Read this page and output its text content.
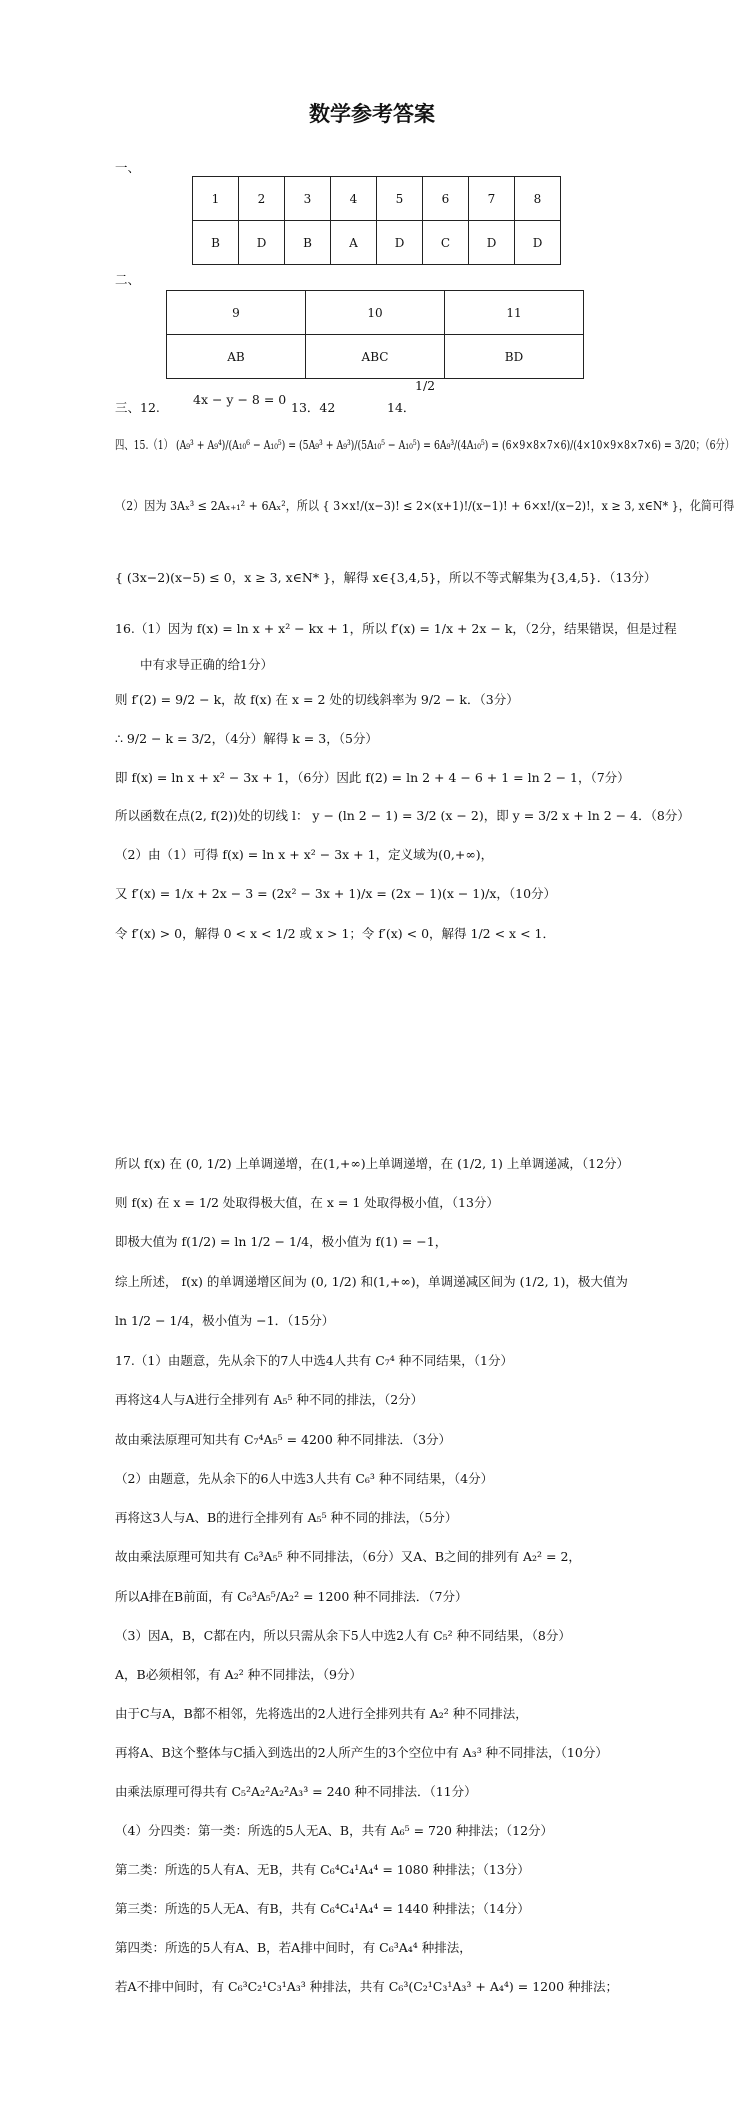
数学参考答案
一、
1	2	3	4	5	6	7	8
B	D	B	A	D	C	D	D
二、
9	10	11
AB	ABC	BD
三、12.
4x − y − 8 = 0
13．42	14．
1/2
四、15.（1） (A₉³ + A₉⁴)/(A₁₀⁶ − A₁₀⁵) = (5A₉³ + A₉³)/(5A₁₀⁵ − A₁₀⁵) = 6A₉³/(4A₁₀⁵) = (6×9×8×7×6)/(4×10×9×8×7×6) = 3/20；（6分）
（2）因为 3Aₓ³ ≤ 2Aₓ₊₁² + 6Aₓ²，所以 { 3×x!/(x−3)! ≤ 2×(x+1)!/(x−1)! + 6×x!/(x−2)!，x ≥ 3, x∈N* }，化简可得
{ (3x−2)(x−5) ≤ 0，x ≥ 3, x∈N* }，解得 x∈{3,4,5}，所以不等式解集为{3,4,5}．（13分）
16.（1）因为 f(x) = ln x + x² − kx + 1，所以 f′(x) = 1/x + 2x − k，（2分，结果错误，但是过程
中有求导正确的给1分）
则 f′(2) = 9/2 − k，故 f(x) 在 x = 2 处的切线斜率为 9/2 − k．（3分）
∴ 9/2 − k = 3/2，（4分）解得 k = 3，（5分）
即 f(x) = ln x + x² − 3x + 1，（6分）因此 f(2) = ln 2 + 4 − 6 + 1 = ln 2 − 1，（7分）
所以函数在点(2, f(2))处的切线 l： y − (ln 2 − 1) = 3/2 (x − 2)，即 y = 3/2 x + ln 2 − 4．（8分）
（2）由（1）可得 f(x) = ln x + x² − 3x + 1，定义域为(0,+∞)，
又 f′(x) = 1/x + 2x − 3 = (2x² − 3x + 1)/x = (2x − 1)(x − 1)/x，（10分）
令 f′(x) > 0，解得 0 < x < 1/2 或 x > 1；令 f′(x) < 0，解得 1/2 < x < 1．
所以 f(x) 在 (0, 1/2) 上单调递增，在(1,+∞)上单调递增，在 (1/2, 1) 上单调递减，（12分）
则 f(x) 在 x = 1/2 处取得极大值，在 x = 1 处取得极小值，（13分）
即极大值为 f(1/2) = ln 1/2 − 1/4，极小值为 f(1) = −1，
综上所述， f(x) 的单调递增区间为 (0, 1/2) 和(1,+∞)，单调递减区间为 (1/2, 1)，极大值为
ln 1/2 − 1/4，极小值为 −1．（15分）
17.（1）由题意，先从余下的7人中选4人共有 C₇⁴ 种不同结果，（1分）
再将这4人与A进行全排列有 A₅⁵ 种不同的排法，（2分）
故由乘法原理可知共有 C₇⁴A₅⁵ = 4200 种不同排法．（3分）
（2）由题意，先从余下的6人中选3人共有 C₆³ 种不同结果，（4分）
再将这3人与A、B的进行全排列有 A₅⁵ 种不同的排法，（5分）
故由乘法原理可知共有 C₆³A₅⁵ 种不同排法，（6分）又A、B之间的排列有 A₂² = 2，
所以A排在B前面，有 C₆³A₅⁵/A₂² = 1200 种不同排法．（7分）
（3）因A，B，C都在内，所以只需从余下5人中选2人有 C₅² 种不同结果，（8分）
A，B必须相邻，有 A₂² 种不同排法，（9分）
由于C与A，B都不相邻，先将选出的2人进行全排列共有 A₂² 种不同排法，
再将A、B这个整体与C插入到选出的2人所产生的3个空位中有 A₃³ 种不同排法，（10分）
由乘法原理可得共有 C₅²A₂²A₂²A₃³ = 240 种不同排法．（11分）
（4）分四类：第一类：所选的5人无A、B，共有 A₆⁵ = 720 种排法；（12分）
第二类：所选的5人有A、无B，共有 C₆⁴C₄¹A₄⁴ = 1080 种排法；（13分）
第三类：所选的5人无A、有B，共有 C₆⁴C₄¹A₄⁴ = 1440 种排法；（14分）
第四类：所选的5人有A、B，若A排中间时，有 C₆³A₄⁴ 种排法，
若A不排中间时，有 C₆³C₂¹C₃¹A₃³ 种排法，共有 C₆³(C₂¹C₃¹A₃³ + A₄⁴) = 1200 种排法；
